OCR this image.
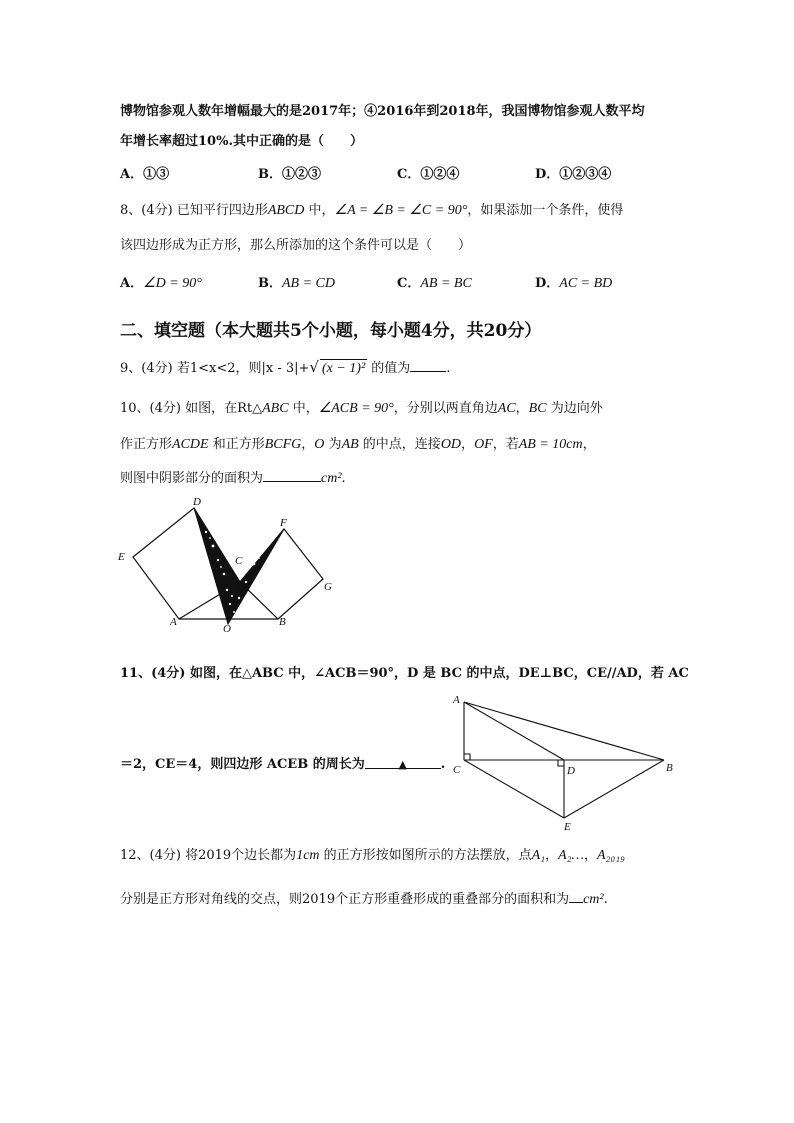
博物馆参观人数年增幅最大的是2017年；④2016年到2018年，我国博物馆参观人数平均
年增长率超过10%.其中正确的是（　　）
A．①③	B．①②③	C．①②④	D．①②③④
8、(4分) 已知平行四边形ABCD 中，∠A = ∠B = ∠C = 90°，如果添加一个条件，使得
该四边形成为正方形，那么所添加的这个条件可以是（　　）
A．∠D = 90°	B．AB = CD	C．AB = BC	D．AC = BD
二、填空题（本大题共5个小题，每小题4分，共20分）
9、(4分) 若1<x<2，则|x - 3|+√ (x − 1)² 的值为	.
10、(4分) 如图，在Rt△ABC 中，∠ACB = 90°，分别以两直角边AC，BC 为边向外
作正方形ACDE 和正方形BCFG，O 为AB 的中点，连接OD，OF，若AB = 10cm，
则图中阴影部分的面积为	cm².
D
E	C
F
G
A
O
B
11、(4分) 如图，在△ABC 中，∠ACB＝90°，D 是 BC 的中点，DE⊥BC，CE//AD，若 AC
＝2，CE＝4，则四边形 ACEB 的周长为	▲	.
A
C	D	B
E
12、(4分) 将2019个边长都为1cm 的正方形按如图所示的方法摆放，点A₁，A₂…，A₂₀₁₉
分别是正方形对角线的交点，则2019个正方形重叠形成的重叠部分的面积和为 cm².
